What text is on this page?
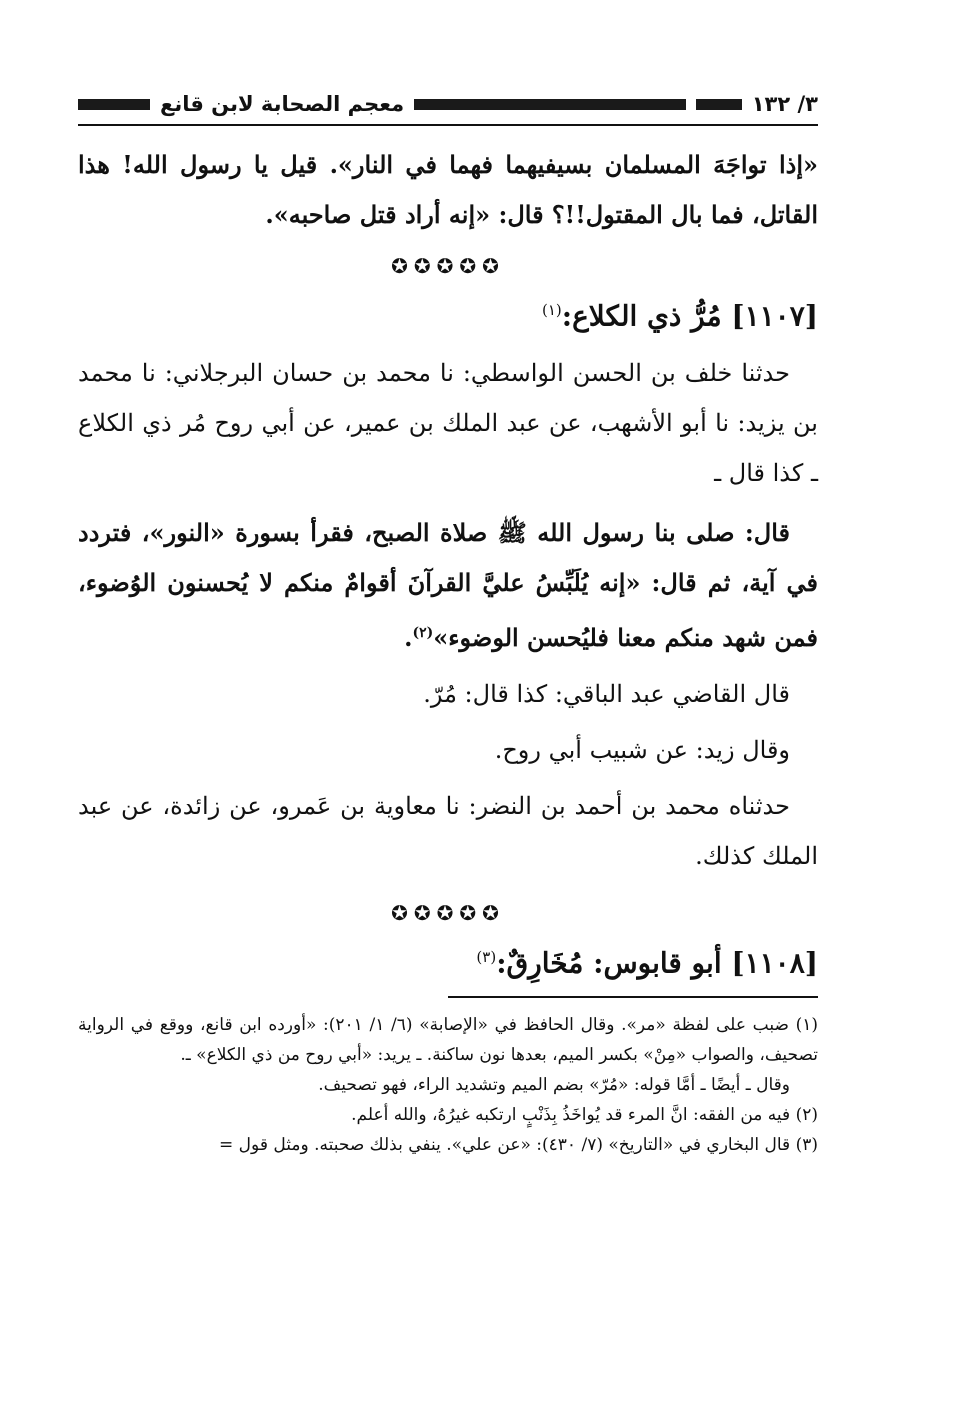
٣/ ١٣٢
معجم الصحابة لابن قانع

«إذا تواجَهَ المسلمان بسيفيهما فهما في النار». قيل يا رسول الله! هذا القاتل، فما بال المقتول!!؟ قال: «إنه أراد قتل صاحبه».

✪✪✪✪✪
[١١٠٧] مُرُّ ذي الكلاع:$^{(١)}$

حدثنا خلف بن الحسن الواسطي: نا محمد بن حسان البرجلاني: نا محمد بن يزيد: نا أبو الأشهب، عن عبد الملك بن عمير، عن أبي روح مُر ذي الكلاع ـ كذا قال ـ

قال: صلى بنا رسول الله ﷺ صلاة الصبح، فقرأ بسورة «النور»، فتردد في آية، ثم قال: «إنه يُلَبِّسُ عليَّ القرآنَ أقوامٌ منكم لا يُحسنون الوُضوء، فمن شهد منكم معنا فليُحسن الوضوء»$^{(٢)}$.

قال القاضي عبد الباقي: كذا قال: مُرّ.

وقال زيد: عن شبيب أبي روح.

حدثناه محمد بن أحمد بن النضر: نا معاوية بن عَمرو، عن زائدة، عن عبد الملك كذلك.

✪✪✪✪✪
[١١٠٨] أبو قابوس: مُخَارِقٌ:$^{(٣)}$

(١) ضبب على لفظة «مر». وقال الحافظ في «الإصابة» (٦/ ١/ ٢٠١): «أورده ابن قانع، ووقع في الرواية تصحيف، والصواب «مِنْ» بكسر الميم، بعدها نون ساكنة. ـ يريد: «أبي روح من ذي الكلاع» ـ.

وقال ـ أيضًا ـ أمَّا قوله: «مُرّ» بضم الميم وتشديد الراء، فهو تصحيف.

(٢) فيه من الفقه: انَّ المرء قد يُواخَذُ بِذَنْبٍ ارتكبه غيرُهُ، والله أعلم.

(٣) قال البخاري في «التاريخ» (٧/ ٤٣٠): «عن علي». ينفي بذلك صحبته. ومثل قول =
